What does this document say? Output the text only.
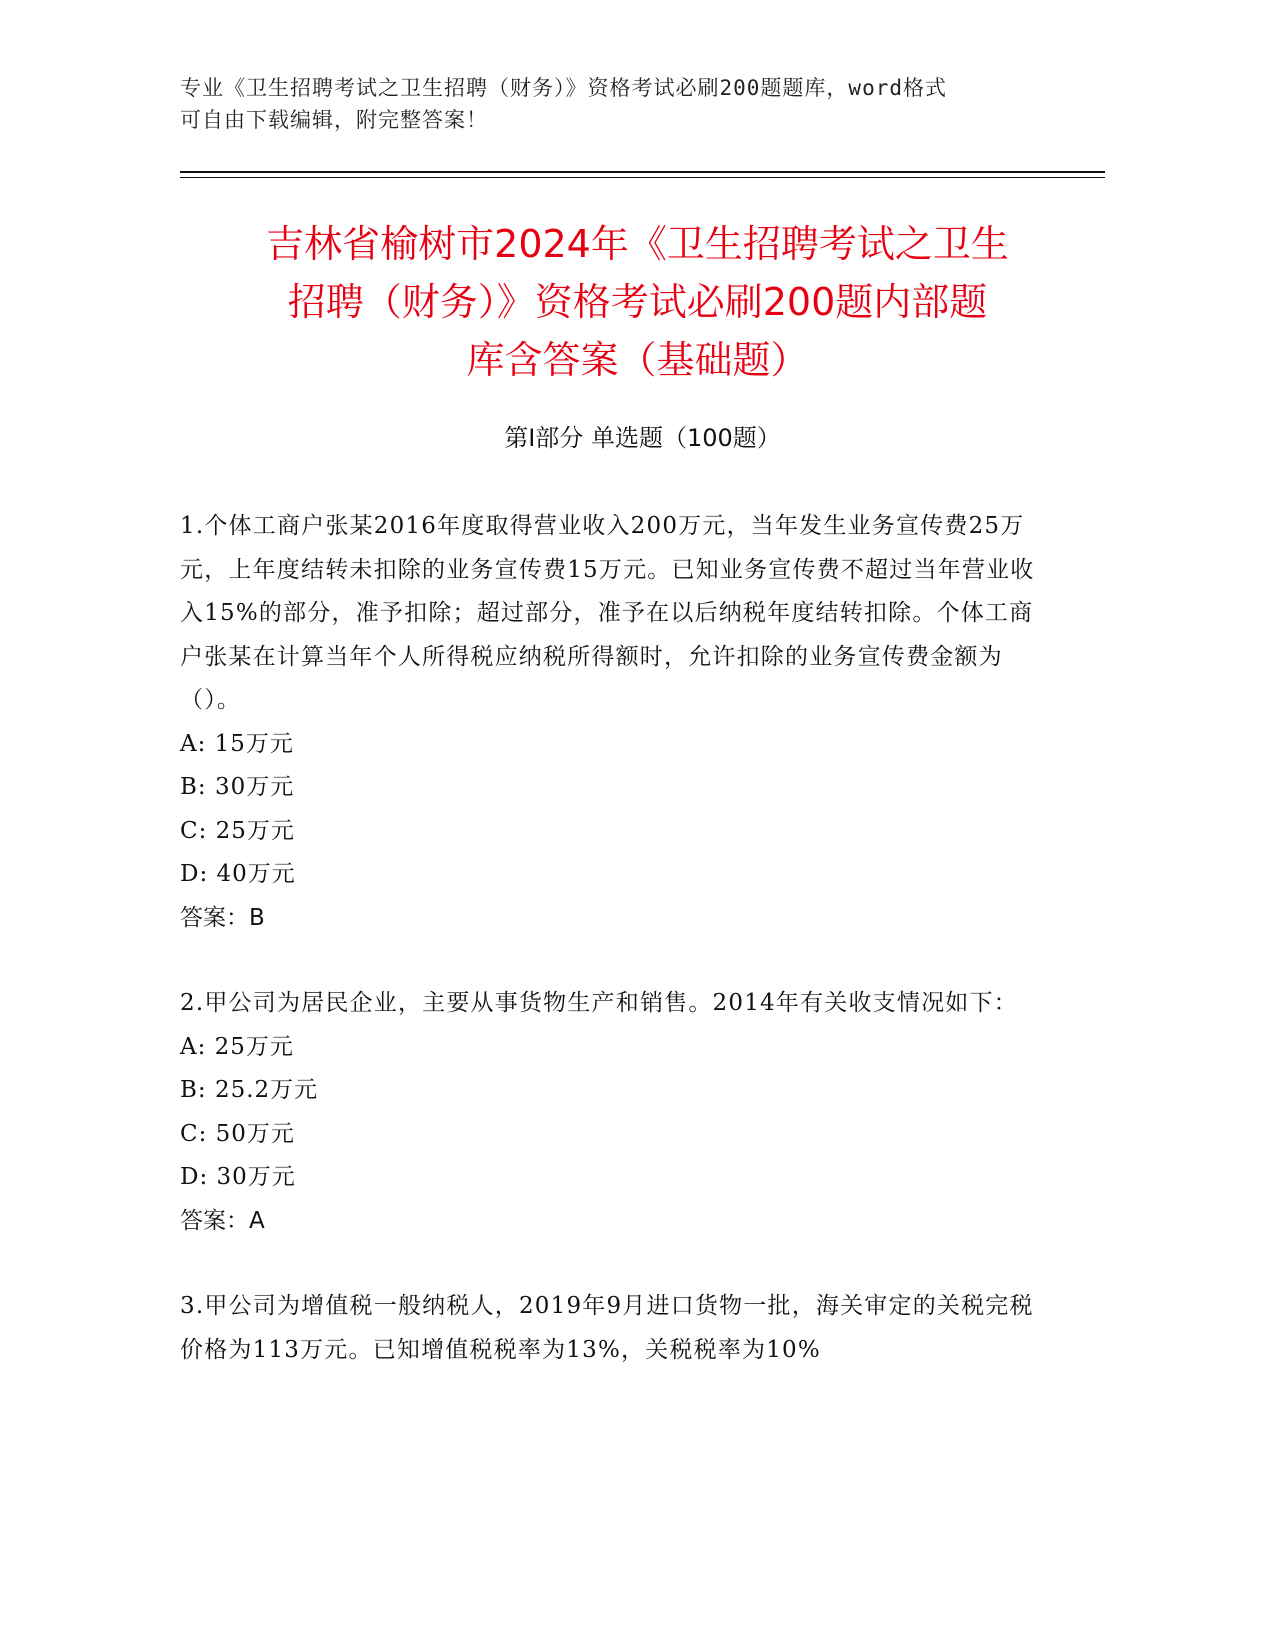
专业《卫生招聘考试之卫生招聘（财务）》资格考试必刷200题题库，word格式
可自由下载编辑，附完整答案！
吉林省榆树市2024年《卫生招聘考试之卫生
招聘（财务）》资格考试必刷200题内部题
库含答案（基础题）
第I部分 单选题（100题）
1.个体工商户张某2016年度取得营业收入200万元，当年发生业务宣传费25万元，上年度结转未扣除的业务宣传费15万元。已知业务宣传费不超过当年营业收入15%的部分，准予扣除；超过部分，准予在以后纳税年度结转扣除。个体工商户张某在计算当年个人所得税应纳税所得额时，允许扣除的业务宣传费金额为（）。
A: 15万元
B: 30万元
C: 25万元
D: 40万元
答案：B
2.甲公司为居民企业，主要从事货物生产和销售。2014年有关收支情况如下：
A: 25万元
B: 25.2万元
C: 50万元
D: 30万元
答案：A
3.甲公司为增值税一般纳税人，2019年9月进口货物一批，海关审定的关税完税价格为113万元。已知增值税税率为13%，关税税率为10%
